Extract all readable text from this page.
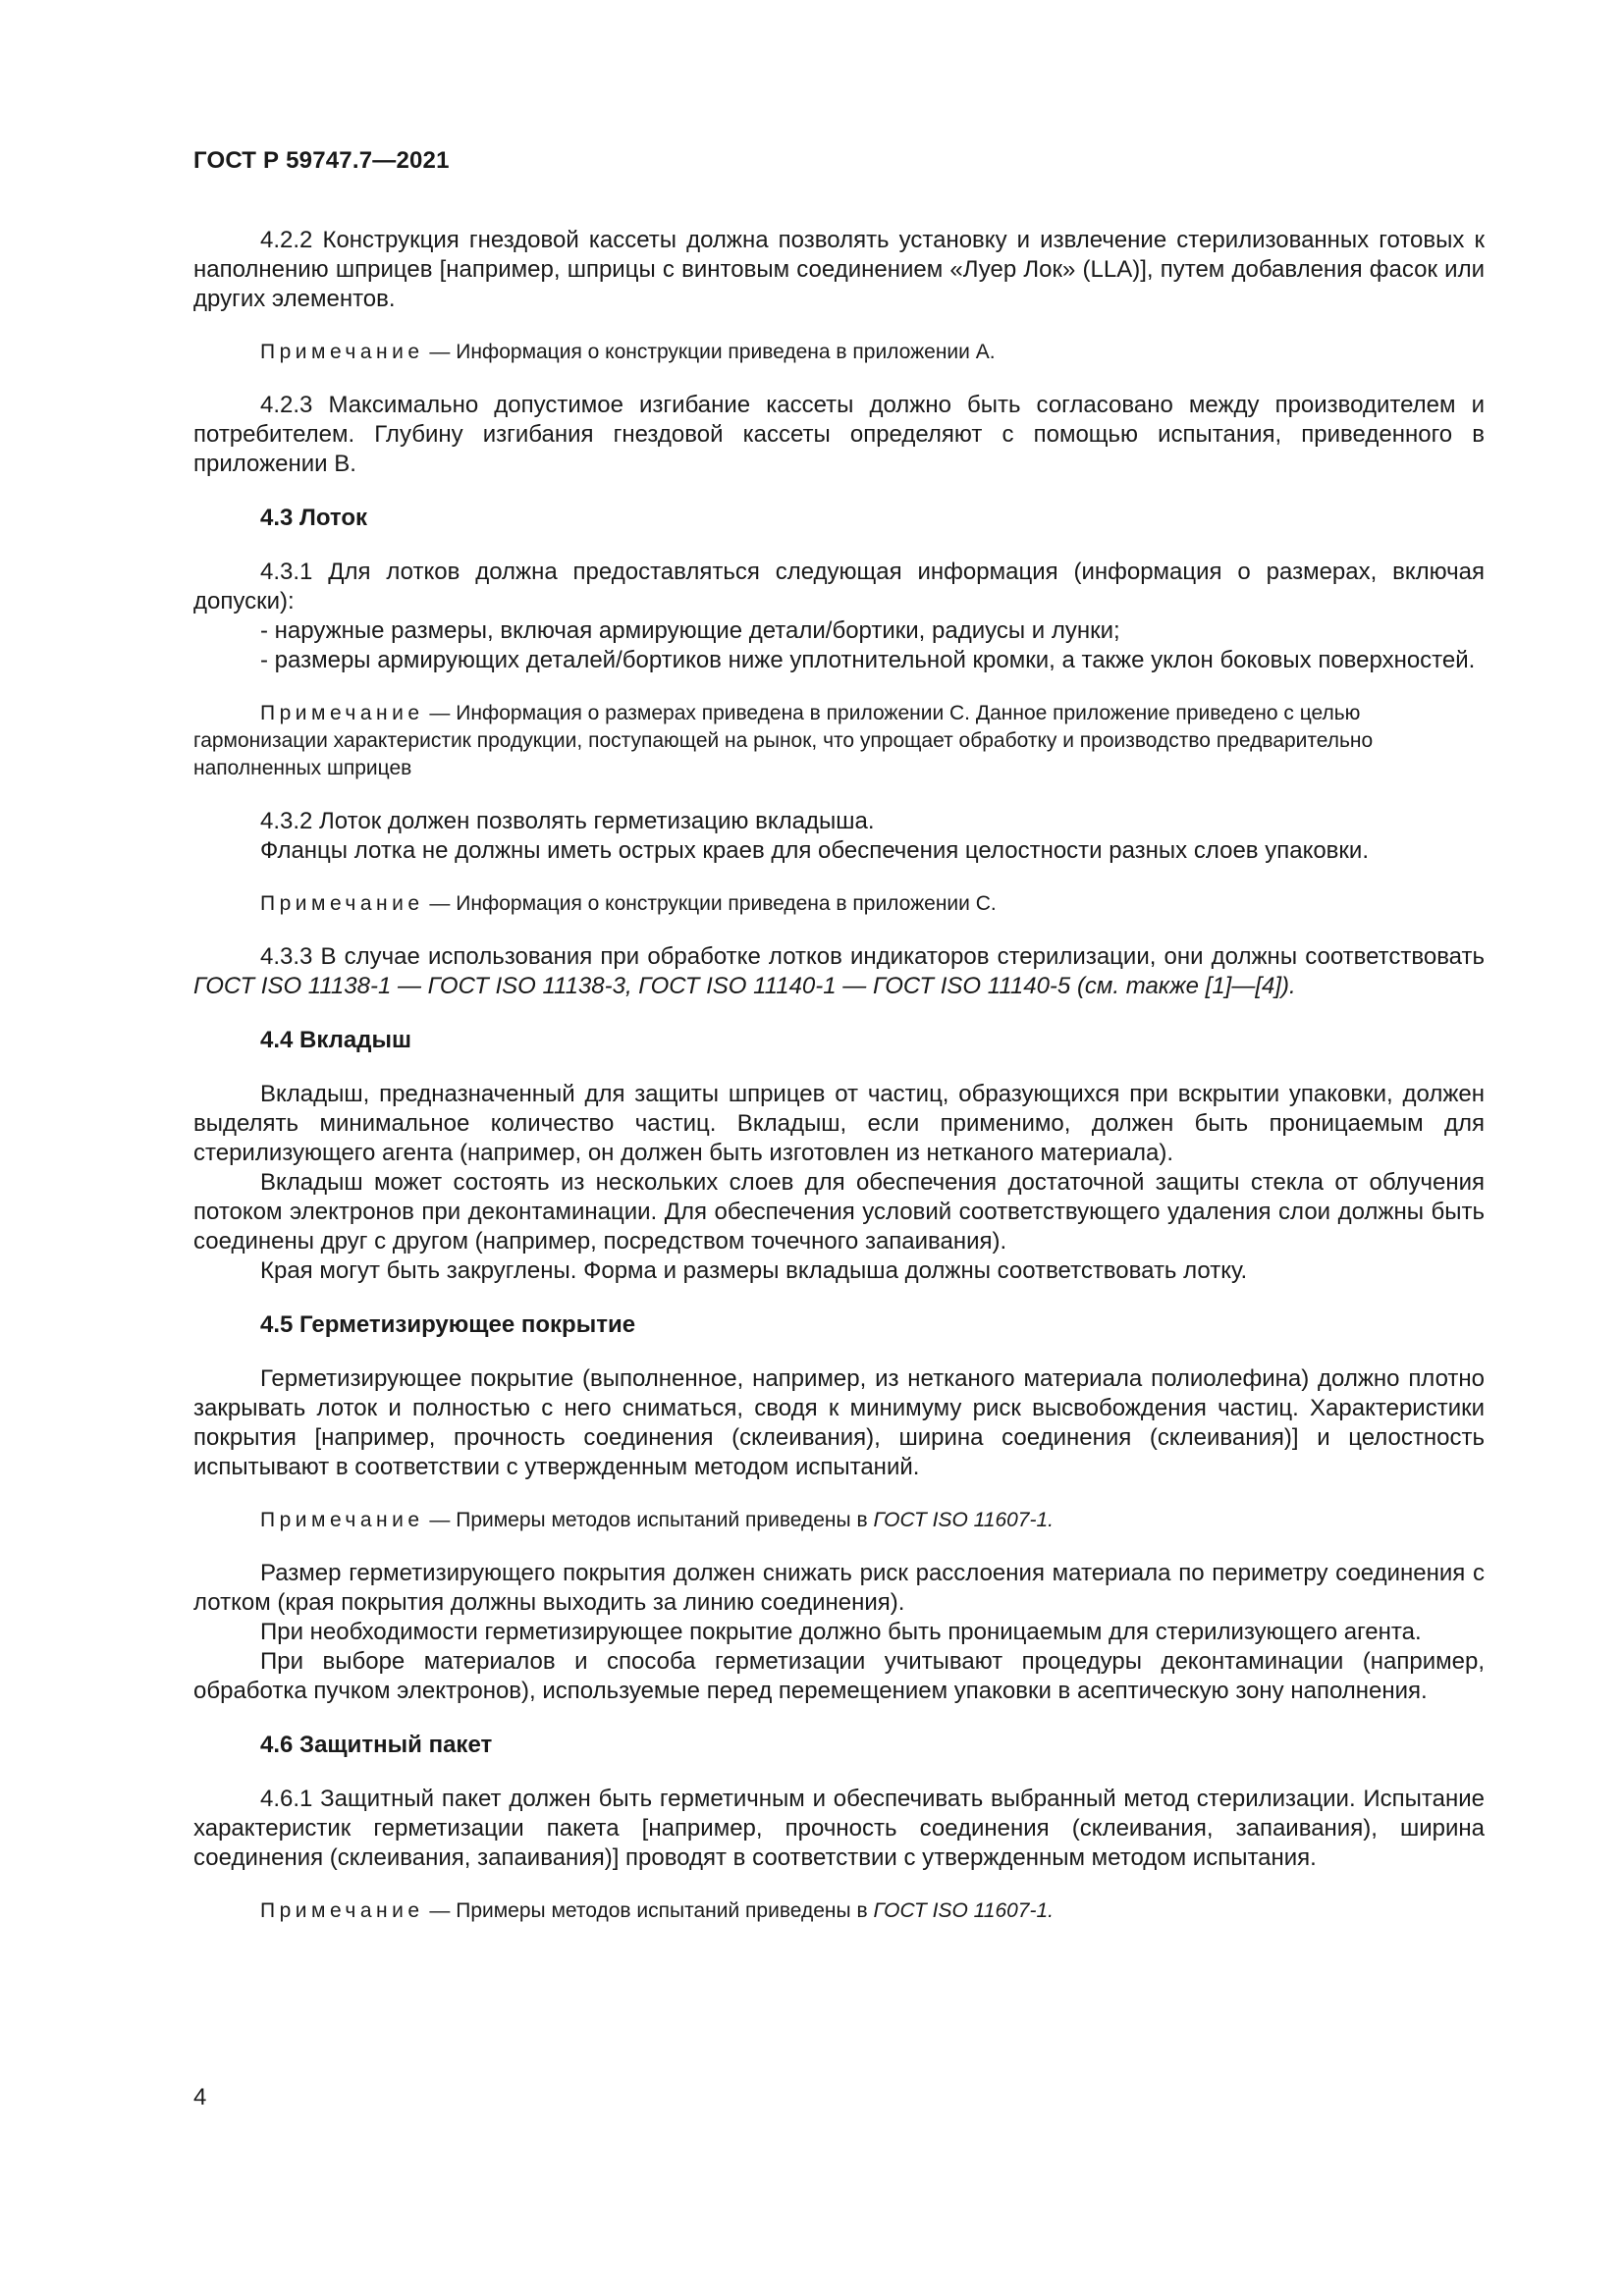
ГОСТ Р 59747.7—2021

4.2.2 Конструкция гнездовой кассеты должна позволять установку и извлечение стерилизованных готовых к наполнению шприцев [например, шприцы с винтовым соединением «Луер Лок» (LLA)], путем добавления фасок или других элементов.

Примечание — Информация о конструкции приведена в приложении A.

4.2.3 Максимально допустимое изгибание кассеты должно быть согласовано между производителем и потребителем. Глубину изгибания гнездовой кассеты определяют с помощью испытания, приведенного в приложении B.

4.3 Лоток

4.3.1 Для лотков должна предоставляться следующая информация (информация о размерах, включая допуски):

- наружные размеры, включая армирующие детали/бортики, радиусы и лунки;

- размеры армирующих деталей/бортиков ниже уплотнительной кромки, а также уклон боковых поверхностей.

Примечание — Информация о размерах приведена в приложении С. Данное приложение приведено с целью гармонизации характеристик продукции, поступающей на рынок, что упрощает обработку и производство предварительно наполненных шприцев

4.3.2 Лоток должен позволять герметизацию вкладыша.

Фланцы лотка не должны иметь острых краев для обеспечения целостности разных слоев упаковки.

Примечание — Информация о конструкции приведена в приложении С.

4.3.3 В случае использования при обработке лотков индикаторов стерилизации, они должны соответствовать ГОСТ ISO 11138-1 — ГОСТ ISO 11138-3, ГОСТ ISO 11140-1 — ГОСТ ISO 11140-5 (см. также [1]—[4]).

4.4 Вкладыш

Вкладыш, предназначенный для защиты шприцев от частиц, образующихся при вскрытии упаковки, должен выделять минимальное количество частиц. Вкладыш, если применимо, должен быть проницаемым для стерилизующего агента (например, он должен быть изготовлен из нетканого материала).

Вкладыш может состоять из нескольких слоев для обеспечения достаточной защиты стекла от облучения потоком электронов при деконтаминации. Для обеспечения условий соответствующего удаления слои должны быть соединены друг с другом (например, посредством точечного запаивания).

Края могут быть закруглены. Форма и размеры вкладыша должны соответствовать лотку.

4.5 Герметизирующее покрытие

Герметизирующее покрытие (выполненное, например, из нетканого материала полиолефина) должно плотно закрывать лоток и полностью с него сниматься, сводя к минимуму риск высвобождения частиц. Характеристики покрытия [например, прочность соединения (склеивания), ширина соединения (склеивания)] и целостность испытывают в соответствии с утвержденным методом испытаний.

Примечание — Примеры методов испытаний приведены в ГОСТ ISO 11607-1.

Размер герметизирующего покрытия должен снижать риск расслоения материала по периметру соединения с лотком (края покрытия должны выходить за линию соединения).

При необходимости герметизирующее покрытие должно быть проницаемым для стерилизующего агента.

При выборе материалов и способа герметизации учитывают процедуры деконтаминации (например, обработка пучком электронов), используемые перед перемещением упаковки в асептическую зону наполнения.

4.6 Защитный пакет

4.6.1 Защитный пакет должен быть герметичным и обеспечивать выбранный метод стерилизации. Испытание характеристик герметизации пакета [например, прочность соединения (склеивания, запаивания), ширина соединения (склеивания, запаивания)] проводят в соответствии с утвержденным методом испытания.

Примечание — Примеры методов испытаний приведены в ГОСТ ISO 11607-1.

4
